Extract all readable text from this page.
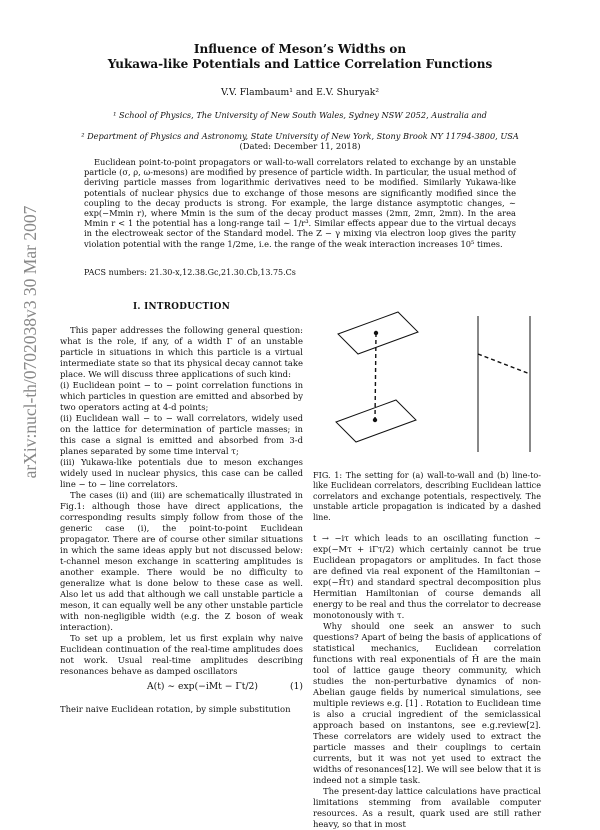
arXiv:nucl-th/0702038v3 30 Mar 2007
Influence of Meson’s Widths on
Yukawa-like Potentials and Lattice Correlation Functions
V.V. Flambaum¹ and E.V. Shuryak²
¹ School of Physics, The University of New South Wales, Sydney NSW 2052, Australia and
² Department of Physics and Astronomy, State University of New York, Stony Brook NY 11794-3800, USA
(Dated: December 11, 2018)
Euclidean point-to-point propagators or wall-to-wall correlators related to exchange by an unstable particle (σ, ρ, ω-mesons) are modified by presence of particle width. In particular, the usual method of deriving particle masses from logarithmic derivatives need to be modified. Similarly Yukawa-like potentials of nuclear physics due to exchange of those mesons are significantly modified since the coupling to the decay products is strong. For example, the large distance asymptotic changes, ∼ exp(−Mmin r), where Mmin is the sum of the decay product masses (2mπ, 2mπ, 2mπ). In the area Mmin r < 1 the potential has a long-range tail ∼ 1/r³. Similar effects appear due to the virtual decays in the electroweak sector of the Standard model. The Z − γ mixing via electron loop gives the parity violation potential with the range 1/2me, i.e. the range of the weak interaction increases 10⁵ times.
PACS numbers: 21.30-x,12.38.Gc,21.30.Cb,13.75.Cs
I. INTRODUCTION

This paper addresses the following general question: what is the role, if any, of a width Γ of an unstable particle in situations in which this particle is a virtual intermediate state so that its physical decay cannot take place. We will discuss three applications of such kind:

(i) Euclidean point − to − point correlation functions in which particles in question are emitted and absorbed by two operators acting at 4-d points;

(ii) Euclidean wall − to − wall correlators, widely used on the lattice for determination of particle masses; in this case a signal is emitted and absorbed from 3-d planes separated by some time interval τ;

(iii) Yukawa-like potentials due to meson exchanges widely used in nuclear physics, this case can be called line − to − line correlators.

The cases (ii) and (iii) are schematically illustrated in Fig.1: although those have direct applications, the corresponding results simply follow from those of the generic case (i), the point-to-point Euclidean propagator. There are of course other similar situations in which the same ideas apply but not discussed below: t-channel meson exchange in scattering amplitudes is another example. There would be no difficulty to generalize what is done below to these case as well. Also let us add that although we call unstable particle a meson, it can equally well be any other unstable particle with non-negligible width (e.g. the Z boson of weak interaction).

To set up a problem, let us first explain why naive Euclidean continuation of the real-time amplitudes does not work. Usual real-time amplitudes describing resonances behave as damped oscillators

A(t) ∼ exp(−iMt − Γt/2)	(1)

Their naive Euclidean rotation, by simple substitution

FIG. 1: The setting for (a) wall-to-wall and (b) line-to-like Euclidean correlators, describing Euclidean lattice correlators and exchange potentials, respectively. The unstable article propagation is indicated by a dashed line.

t → −iτ which leads to an oscillating function ∼ exp(−Mτ + iΓτ/2) which certainly cannot be true Euclidean propagators or amplitudes. In fact those are defined via real exponent of the Hamiltonian ∼ exp(−Ĥτ) and standard spectral decomposition plus Hermitian Hamiltonian of course demands all energy to be real and thus the correlator to decrease monotonously with τ.

Why should one seek an answer to such questions? Apart of being the basis of applications of statistical mechanics, Euclidean correlation functions with real exponentials of Ĥ are the main tool of lattice gauge theory community, which studies the non-perturbative dynamics of non-Abelian gauge fields by numerical simulations, see multiple reviews e.g. [1] . Rotation to Euclidean time is also a crucial ingredient of the semiclassical approach based on instantons, see e.g.review[2]. These correlators are widely used to extract the particle masses and their couplings to certain currents, but it was not yet used to extract the widths of resonances[12]. We will see below that it is indeed not a simple task.

The present-day lattice calculations have practical limitations stemming from available computer resources. As a result, quark used are still rather heavy, so that in most
